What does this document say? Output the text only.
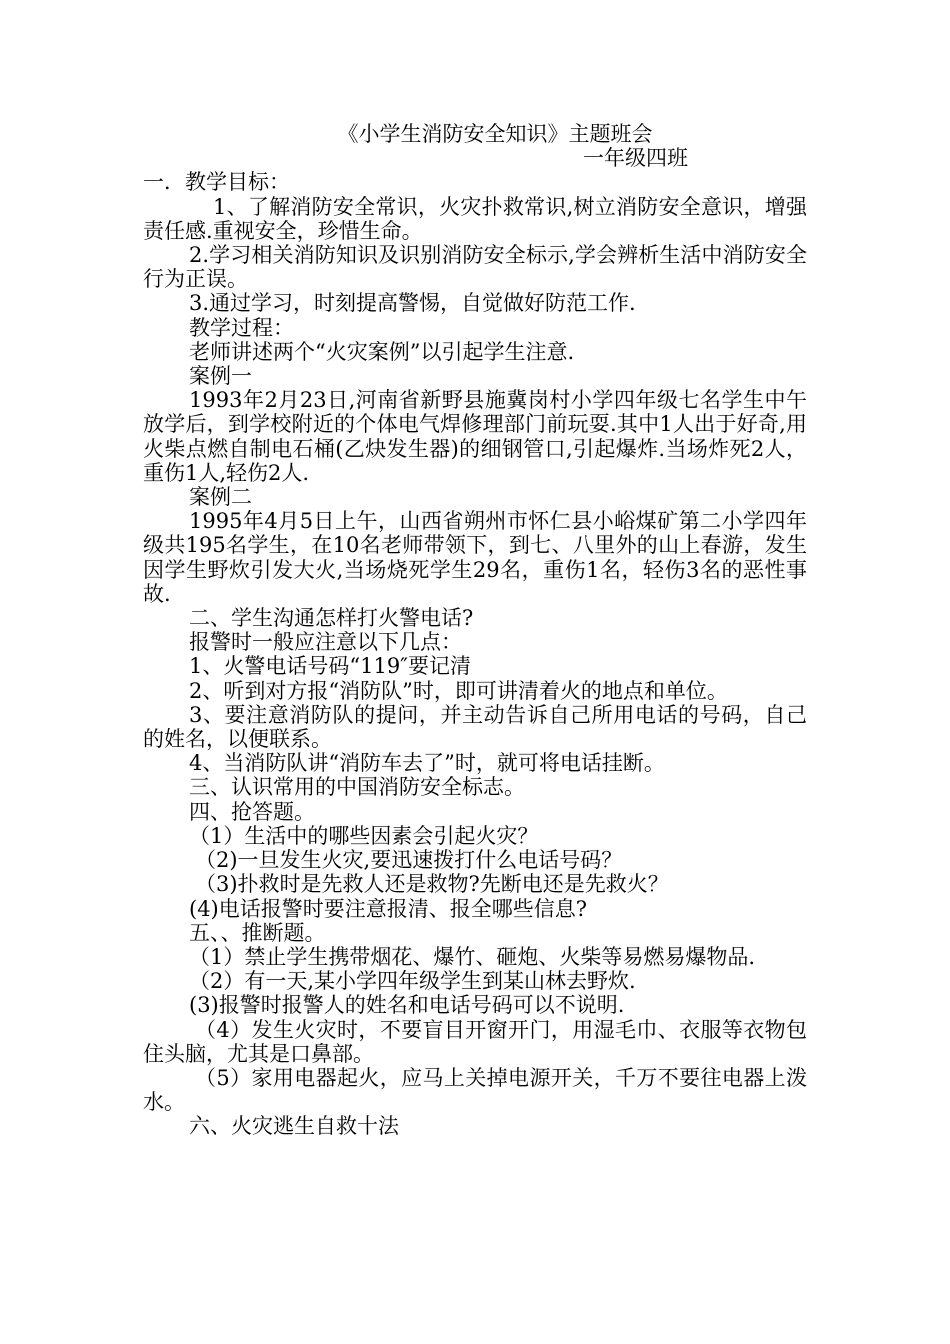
《小学生消防安全知识》主题班会

一年级四班

一．教学目标：

1、了解消防安全常识，火灾扑救常识,树立消防安全意识，增强责任感.重视安全，珍惜生命。

2.学习相关消防知识及识别消防安全标示,学会辨析生活中消防安全行为正误。

3.通过学习，时刻提高警惕，自觉做好防范工作.

教学过程：

老师讲述两个“火灾案例”以引起学生注意.

案例一

1993年2月23日,河南省新野县施冀岗村小学四年级七名学生中午放学后，到学校附近的个体电气焊修理部门前玩耍.其中1人出于好奇,用火柴点燃自制电石桶(乙炔发生器)的细钢管口,引起爆炸.当场炸死2人，重伤1人,轻伤2人.

案例二

1995年4月5日上午，山西省朔州市怀仁县小峪煤矿第二小学四年级共195名学生，在10名老师带领下，到七、八里外的山上春游，发生因学生野炊引发大火,当场烧死学生29名，重伤1名，轻伤3名的恶性事故.

二、学生沟通怎样打火警电话?

报警时一般应注意以下几点：

1、火警电话号码“119″要记清

2、听到对方报“消防队”时，即可讲清着火的地点和单位。

3、要注意消防队的提问，并主动告诉自己所用电话的号码，自己的姓名，以便联系。

4、当消防队讲“消防车去了”时，就可将电话挂断。

三、认识常用的中国消防安全标志。

四、抢答题。

（1）生活中的哪些因素会引起火灾？

（2)一旦发生火灾,要迅速拨打什么电话号码？

（3)扑救时是先救人还是救物?先断电还是先救火？

(4)电话报警时要注意报清、报全哪些信息?

五、、推断题。

（1）禁止学生携带烟花、爆竹、砸炮、火柴等易燃易爆物品.

（2）有一天,某小学四年级学生到某山林去野炊.

(3)报警时报警人的姓名和电话号码可以不说明.

（4）发生火灾时，不要盲目开窗开门，用湿毛巾、衣服等衣物包住头脑，尤其是口鼻部。

（5）家用电器起火，应马上关掉电源开关，千万不要往电器上泼水。

六、火灾逃生自救十法
